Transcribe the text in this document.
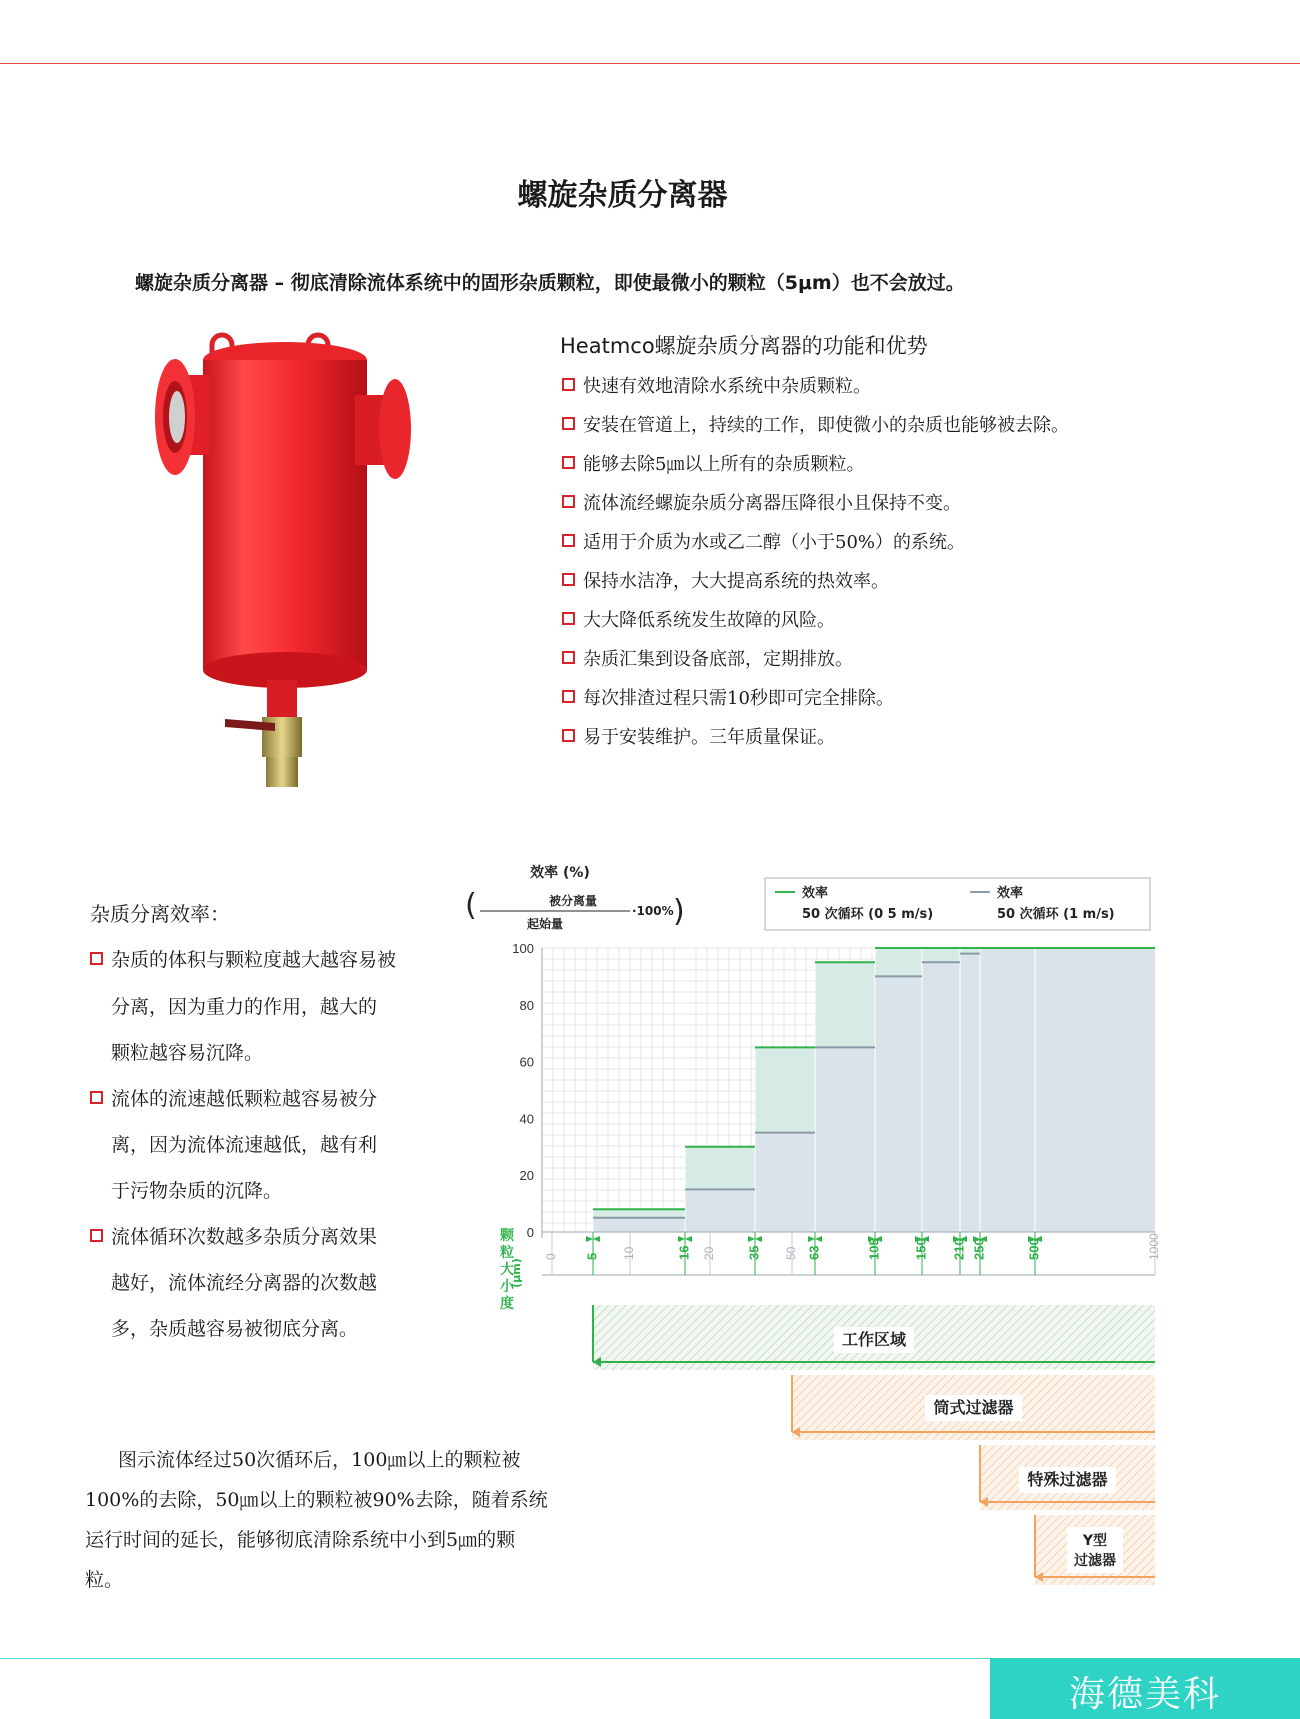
螺旋杂质分离器
螺旋杂质分离器 – 彻底清除流体系统中的固形杂质颗粒，即使最微小的颗粒（5μm）也不会放过。
Heatmco螺旋杂质分离器的功能和优势
快速有效地清除水系统中杂质颗粒。
安装在管道上，持续的工作，即使微小的杂质也能够被去除。
能够去除5㎛以上所有的杂质颗粒。
流体流经螺旋杂质分离器压降很小且保持不变。
适用于介质为水或乙二醇（小于50%）的系统。
保持水洁净，大大提高系统的热效率。
大大降低系统发生故障的风险。
杂质汇集到设备底部，定期排放。
每次排渣过程只需10秒即可完全排除。
易于安装维护。三年质量保证。
杂质分离效率：
杂质的体积与颗粒度越大越容易被
分离，因为重力的作用，越大的
颗粒越容易沉降。
流体的流速越低颗粒越容易被分
离，因为流体流速越低，越有利
于污物杂质的沉降。
流体循环次数越多杂质分离效果
越好，流体流经分离器的次数越
多，杂质越容易被彻底分离。
图示流体经过50次循环后，100㎛以上的颗粒被
100%的去除，50㎛以上的颗粒被90%去除，随着系统
运行时间的延长，能够彻底清除系统中小到5㎛的颗
粒。
0
20
40
60
80
100
0	10	20	50	1000
5	16	35	63	105 150 210 250	500
颗
粒
大
小
度
(μm)
效率 (%)
(	被分离量
起始量
·100% )
效率
50 次循环 (0 5 m/s)
效率
50 次循环 (1 m/s)
工作区域
筒式过滤器
特殊过滤器
Y型
过滤器
海德美科
